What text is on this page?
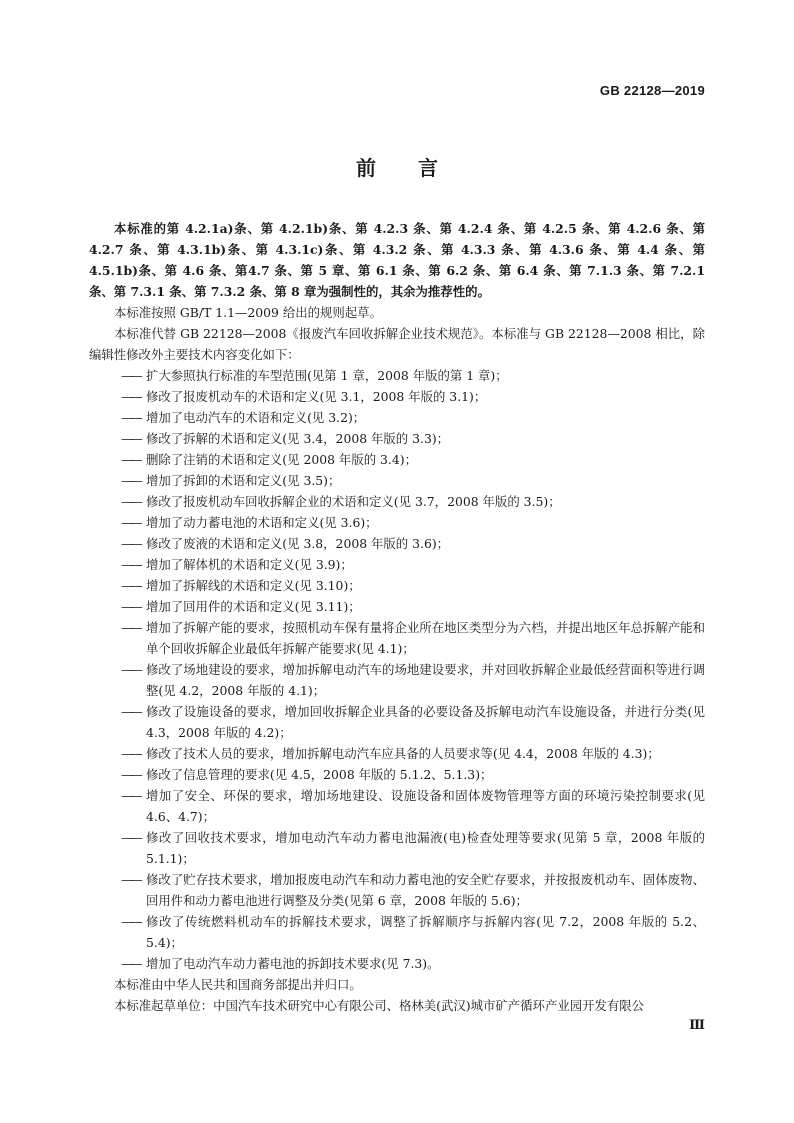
GB 22128—2019
前言

本标准的第 4.2.1a)条、第 4.2.1b)条、第 4.2.3 条、第 4.2.4 条、第 4.2.5 条、第 4.2.6 条、第 4.2.7 条、第 4.3.1b)条、第 4.3.1c)条、第 4.3.2 条、第 4.3.3 条、第 4.3.6 条、第 4.4 条、第 4.5.1b)条、第 4.6 条、第4.7 条、第 5 章、第 6.1 条、第 6.2 条、第 6.4 条、第 7.1.3 条、第 7.2.1 条、第 7.3.1 条、第 7.3.2 条、第 8 章为强制性的，其余为推荐性的。

本标准按照 GB/T 1.1—2009 给出的规则起草。

本标准代替 GB 22128—2008《报废汽车回收拆解企业技术规范》。本标准与 GB 22128—2008 相比，除编辑性修改外主要技术内容变化如下：

—— 扩大参照执行标准的车型范围(见第 1 章，2008 年版的第 1 章)；

—— 修改了报废机动车的术语和定义(见 3.1，2008 年版的 3.1)；

—— 增加了电动汽车的术语和定义(见 3.2)；

—— 修改了拆解的术语和定义(见 3.4，2008 年版的 3.3)；

—— 删除了注销的术语和定义(见 2008 年版的 3.4)；

—— 增加了拆卸的术语和定义(见 3.5)；

—— 修改了报废机动车回收拆解企业的术语和定义(见 3.7，2008 年版的 3.5)；

—— 增加了动力蓄电池的术语和定义(见 3.6)；

—— 修改了废液的术语和定义(见 3.8，2008 年版的 3.6)；

—— 增加了解体机的术语和定义(见 3.9)；

—— 增加了拆解线的术语和定义(见 3.10)；

—— 增加了回用件的术语和定义(见 3.11)；

—— 增加了拆解产能的要求，按照机动车保有量将企业所在地区类型分为六档，并提出地区年总拆解产能和单个回收拆解企业最低年拆解产能要求(见 4.1)；

—— 修改了场地建设的要求，增加拆解电动汽车的场地建设要求，并对回收拆解企业最低经营面积等进行调整(见 4.2，2008 年版的 4.1)；

—— 修改了设施设备的要求，增加回收拆解企业具备的必要设备及拆解电动汽车设施设备，并进行分类(见 4.3，2008 年版的 4.2)；

—— 修改了技术人员的要求，增加拆解电动汽车应具备的人员要求等(见 4.4，2008 年版的 4.3)；

—— 修改了信息管理的要求(见 4.5，2008 年版的 5.1.2、5.1.3)；

—— 增加了安全、环保的要求，增加场地建设、设施设备和固体废物管理等方面的环境污染控制要求(见 4.6、4.7)；

—— 修改了回收技术要求，增加电动汽车动力蓄电池漏液(电)检查处理等要求(见第 5 章，2008 年版的 5.1.1)；

—— 修改了贮存技术要求，增加报废电动汽车和动力蓄电池的安全贮存要求，并按报废机动车、固体废物、回用件和动力蓄电池进行调整及分类(见第 6 章，2008 年版的 5.6)；

—— 修改了传统燃料机动车的拆解技术要求，调整了拆解顺序与拆解内容(见 7.2，2008 年版的 5.2、5.4)；

—— 增加了电动汽车动力蓄电池的拆卸技术要求(见 7.3)。

本标准由中华人民共和国商务部提出并归口。

本标准起草单位：中国汽车技术研究中心有限公司、格林美(武汉)城市矿产循环产业园开发有限公

Ⅲ
